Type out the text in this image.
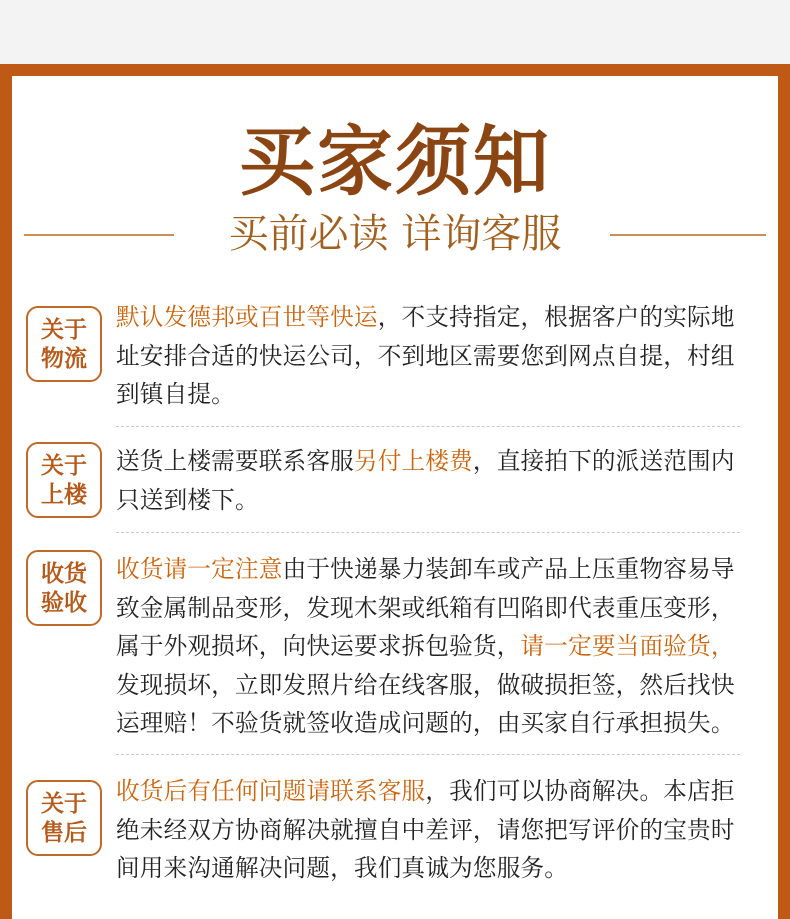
买家须知
买前必读 详询客服
关于
物流
默认发德邦或百世等快运，不支持指定，根据客户的实际地址安排合适的快运公司，不到地区需要您到网点自提，村组到镇自提。
关于
上楼
送货上楼需要联系客服另付上楼费，直接拍下的派送范围内只送到楼下。
收货
验收
收货请一定注意由于快递暴力装卸车或产品上压重物容易导致金属制品变形，发现木架或纸箱有凹陷即代表重压变形，属于外观损坏，向快运要求拆包验货，请一定要当面验货，发现损坏，立即发照片给在线客服，做破损拒签，然后找快运理赔！不验货就签收造成问题的，由买家自行承担损失。
关于
售后
收货后有任何问题请联系客服，我们可以协商解决。本店拒绝未经双方协商解决就擅自中差评，请您把写评价的宝贵时间用来沟通解决问题，我们真诚为您服务。
